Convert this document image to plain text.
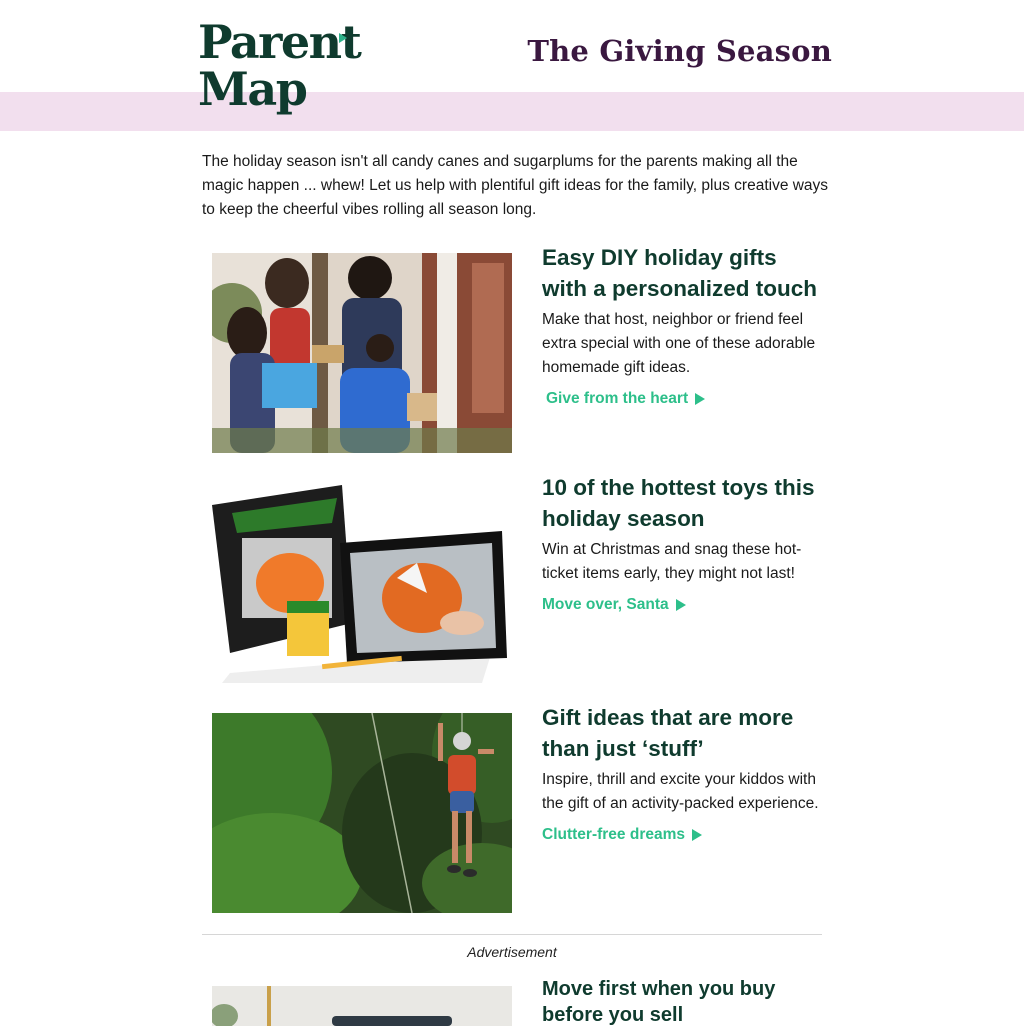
Parent
Map
The Giving Season

The holiday season isn't all candy canes and sugarplums for the parents making all the magic happen ... whew! Let us help with plentiful gift ideas for the family, plus creative ways to keep the cheerful vibes rolling all season long.

Easy DIY holiday gifts with a personalized touch

Make that host, neighbor or friend feel extra special with one of these adorable homemade gift ideas.

Give from the heart
10 of the hottest toys this holiday season

Win at Christmas and snag these hot-ticket items early, they might not last!

Move over, Santa
Gift ideas that are more than just ‘stuff’

Inspire, thrill and excite your kiddos with the gift of an activity-packed experience.

Clutter-free dreams
Advertisement
Move first when you buy before you sell
